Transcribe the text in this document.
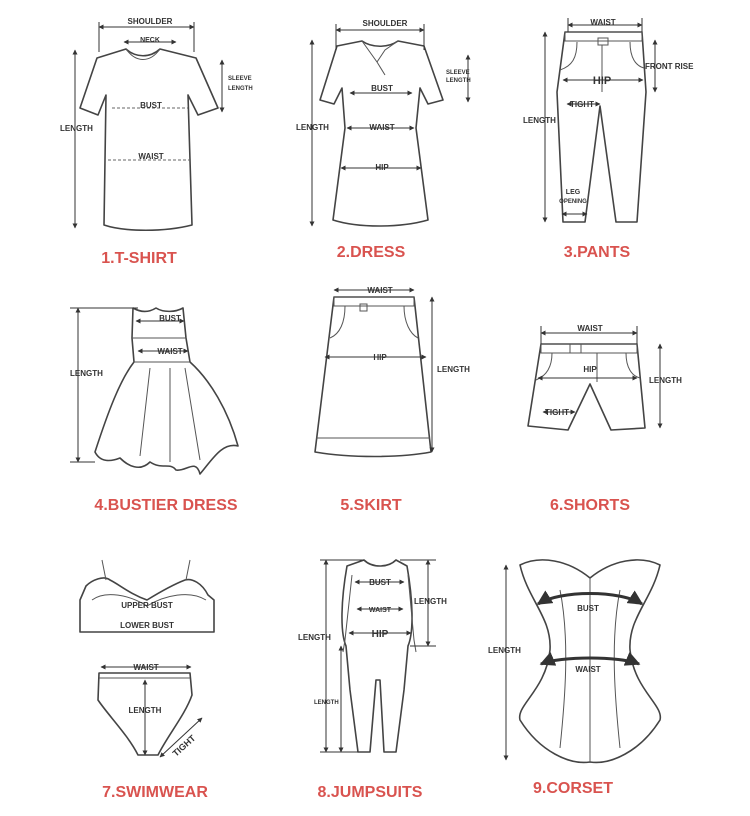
SHOULDER
NECK
SLEEVE
LENGTH
LENGTH
BUST
WAIST
1.T-SHIRT
SHOULDER
SLEEVE
LENGTH
LENGTH
BUST
WAIST
HIP
2.DRESS
WAIST
FRONT RISE
HIP
TIGHT
LENGTH
LEG
OPENING
3.PANTS
BUST
WAIST
LENGTH
4.BUSTIER DRESS
WAIST
HIP
LENGTH
5.SKIRT
WAIST
HIP
TIGHT
LENGTH
6.SHORTS
UPPER BUST
LOWER BUST
WAIST
LENGTH
TIGHT
7.SWIMWEAR
LENGTH
LENGTH
LENGTH
BUST
WAIST
HIP
8.JUMPSUITS
BUST
WAIST
LENGTH
9.CORSET
